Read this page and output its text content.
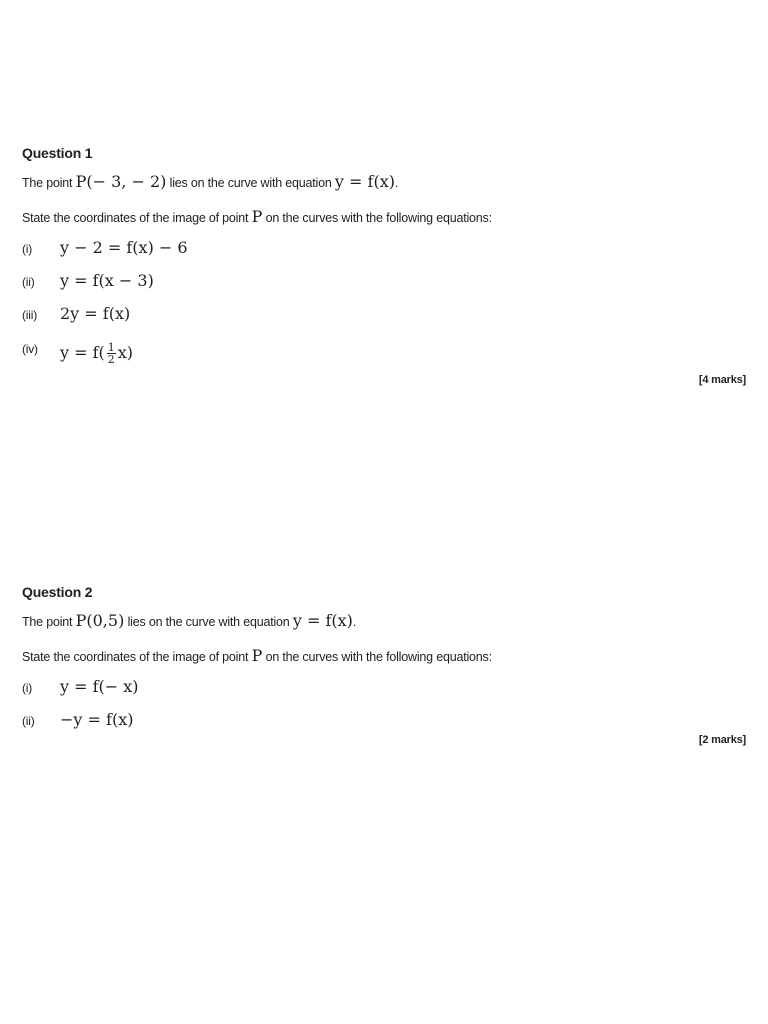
Question 1
The point P(− 3, − 2) lies on the curve with equation y = f(x).
State the coordinates of the image of point P on the curves with the following equations:
(i) y − 2 = f(x) − 6
(ii) y = f(x − 3)
(iii) 2y = f(x)
(iv) $y = f( \frac{1}{2} x)$
[4 marks]
Question 2
The point P(0,5) lies on the curve with equation y = f(x).
State the coordinates of the image of point P on the curves with the following equations:
(i) y = f(− x)
(ii) −y = f(x)
[2 marks]
